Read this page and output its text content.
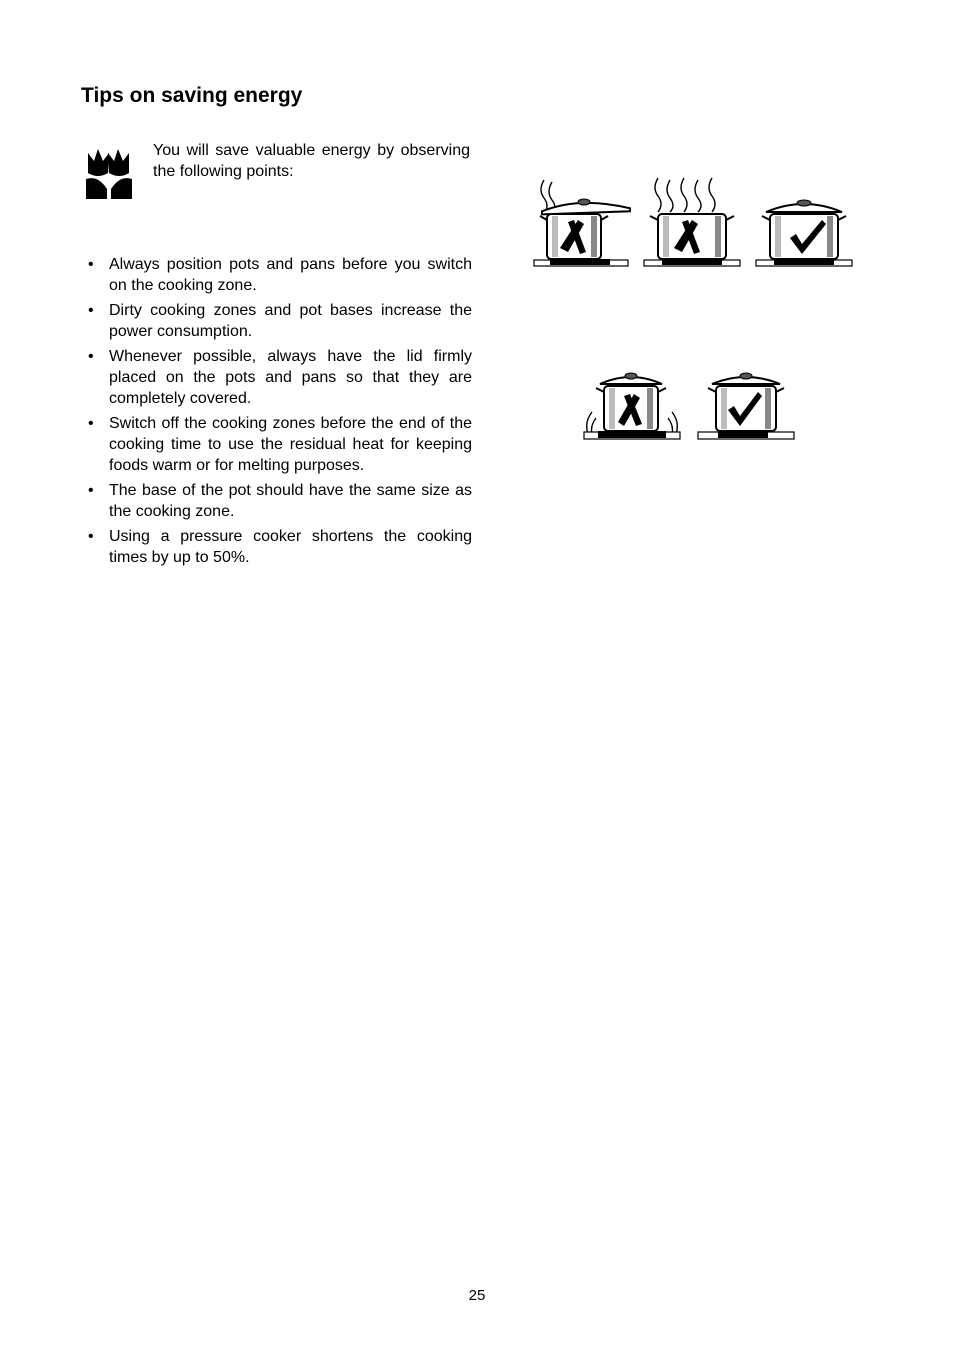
Tips on saving energy

You will save valuable energy by observing the following points:

• Always position pots and pans before you switch on the cooking zone.
• Dirty cooking zones and pot bases increase the power consumption.
• Whenever possible, always have the lid firmly placed on the pots and pans so that they are completely covered.
• Switch off the cooking zones before the end of the cooking time to use the residual heat for keeping foods warm or for melting purposes.
• The base of the pot should have the same size as the cooking zone.
• Using a pressure cooker shortens the cooking times by up to 50%.
25
